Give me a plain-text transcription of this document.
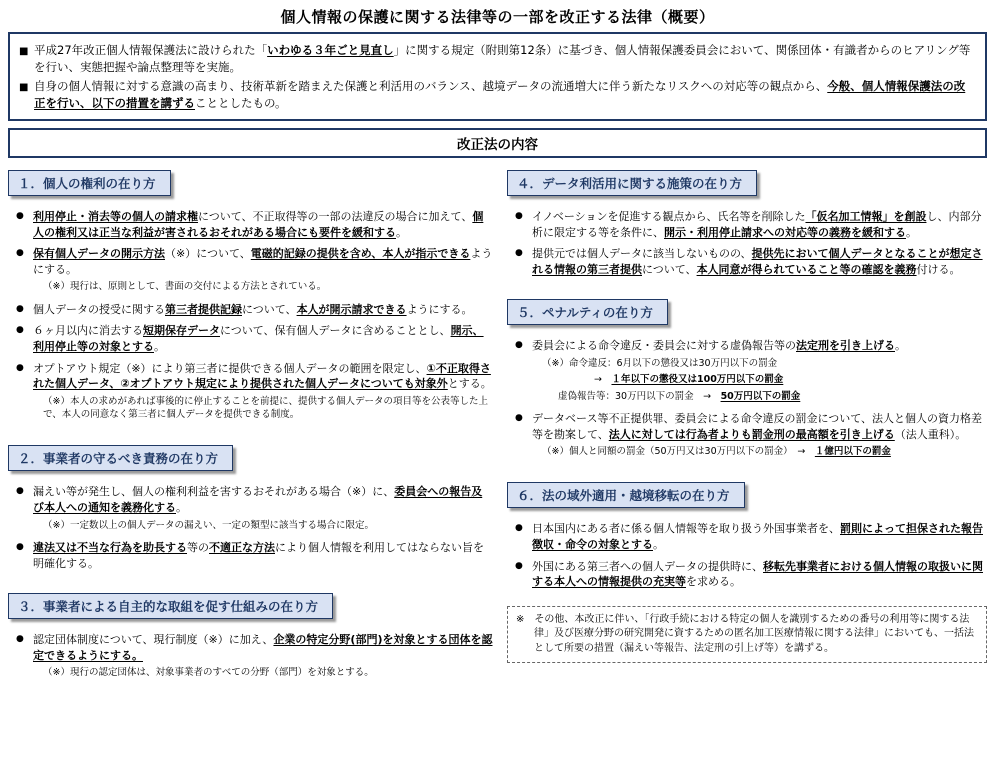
個人情報の保護に関する法律等の一部を改正する法律（概要）
■ 平成27年改正個人情報保護法に設けられた「いわゆる３年ごと見直し」に関する規定（附則第12条）に基づき、個人情報保護委員会において、関係団体・有識者からのヒアリング等を行い、実態把握や論点整理等を実施。
■ 自身の個人情報に対する意識の高まり、技術革新を踏まえた保護と利活用のバランス、越境データの流通増大に伴う新たなリスクへの対応等の観点から、今般、個人情報保護法の改正を行い、以下の措置を講ずることとしたもの。
改正法の内容
１．個人の権利の在り方
● 利用停止・消去等の個人の請求権について、不正取得等の一部の法違反の場合に加えて、個人の権利又は正当な利益が害されるおそれがある場合にも要件を緩和する。
● 保有個人データの開示方法（※）について、電磁的記録の提供を含め、本人が指示できるようにする。
（※）現行は、原則として、書面の交付による方法とされている。
● 個人データの授受に関する第三者提供記録について、本人が開示請求できるようにする。
● ６ヶ月以内に消去する短期保存データについて、保有個人データに含めることとし、開示、利用停止等の対象とする。
● オプトアウト規定（※）により第三者に提供できる個人データの範囲を限定し、①不正取得された個人データ、②オプトアウト規定により提供された個人データについても対象外とする。
（※）本人の求めがあれば事後的に停止することを前提に、提供する個人データの項目等を公表等した上で、本人の同意なく第三者に個人データを提供できる制度。
２．事業者の守るべき責務の在り方
● 漏えい等が発生し、個人の権利利益を害するおそれがある場合（※）に、委員会への報告及び本人への通知を義務化する。
（※）一定数以上の個人データの漏えい、一定の類型に該当する場合に限定。
● 違法又は不当な行為を助長する等の不適正な方法により個人情報を利用してはならない旨を明確化する。
３．事業者による自主的な取組を促す仕組みの在り方
● 認定団体制度について、現行制度（※）に加え、企業の特定分野(部門)を対象とする団体を認定できるようにする。
（※）現行の認定団体は、対象事業者のすべての分野（部門）を対象とする。
４．データ利活用に関する施策の在り方
● イノベーションを促進する観点から、氏名等を削除した「仮名加工情報」を創設し、内部分析に限定する等を条件に、開示・利用停止請求への対応等の義務を緩和する。
● 提供元では個人データに該当しないものの、提供先において個人データとなることが想定される情報の第三者提供について、本人同意が得られていること等の確認を義務付ける。
５．ペナルティの在り方
● 委員会による命令違反・委員会に対する虚偽報告等の法定刑を引き上げる。
（※）命令違反：6月以下の懲役又は30万円以下の罰金
→　１年以下の懲役又は100万円以下の罰金
虚偽報告等：30万円以下の罰金　→　50万円以下の罰金
● データベース等不正提供罪、委員会による命令違反の罰金について、法人と個人の資力格差等を勘案して、法人に対しては行為者よりも罰金刑の最高額を引き上げる（法人重科）。
（※）個人と同額の罰金（50万円又は30万円以下の罰金）　→　１億円以下の罰金
６．法の域外適用・越境移転の在り方
● 日本国内にある者に係る個人情報等を取り扱う外国事業者を、罰則によって担保された報告徴収・命令の対象とする。
● 外国にある第三者への個人データの提供時に、移転先事業者における個人情報の取扱いに関する本人への情報提供の充実等を求める。
※　その他、本改正に伴い、「行政手続における特定の個人を識別するための番号の利用等に関する法律」及び医療分野の研究開発に資するための匿名加工医療情報に関する法律」においても、一括法として所要の措置（漏えい等報告、法定刑の引上げ等）を講ずる。
